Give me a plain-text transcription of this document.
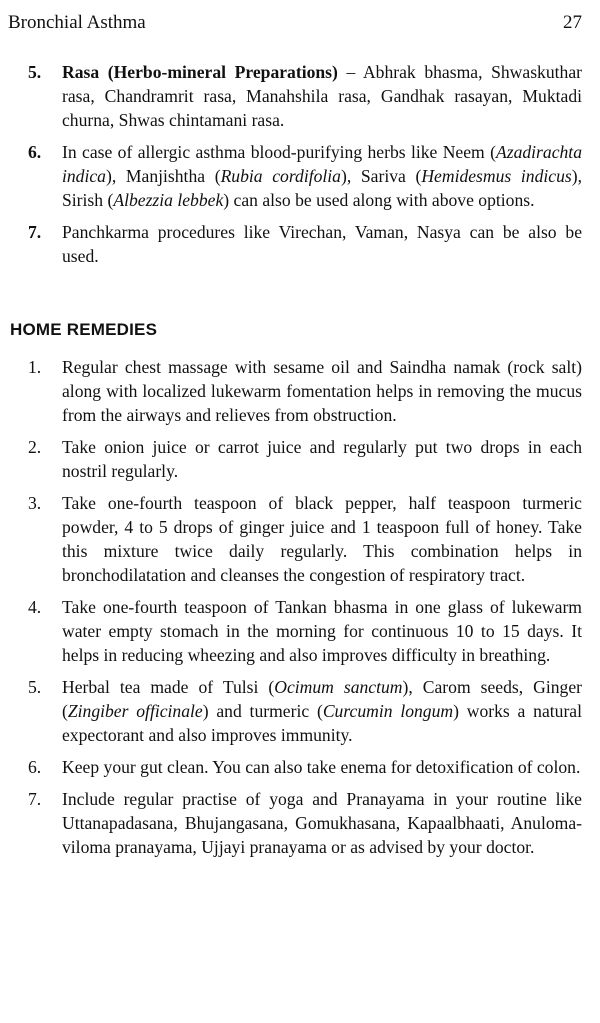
Bronchial Asthma	27
5.	Rasa (Herbo-mineral Preparations) – Abhrak bhasma, Shwaskuthar rasa, Chandramrit rasa, Manahshila rasa, Gandhak rasayan, Muktadi churna, Shwas chintamani rasa.
6.	In case of allergic asthma blood-purifying herbs like Neem (Azadirachta indica), Manjishtha (Rubia cordifolia), Sariva (Hemidesmus indicus), Sirish (Albezzia lebbek) can also be used along with above options.
7.	Panchkarma procedures like Virechan, Vaman, Nasya can be also be used.
HOME REMEDIES
1.	Regular chest massage with sesame oil and Saindha namak (rock salt) along with localized lukewarm fomentation helps in removing the mucus from the airways and relieves from obstruction.
2.	Take onion juice or carrot juice and regularly put two drops in each nostril regularly.
3.	Take one-fourth teaspoon of black pepper, half teaspoon turmeric powder, 4 to 5 drops of ginger juice and 1 teaspoon full of honey. Take this mixture twice daily regularly. This combination helps in bronchodilatation and cleanses the congestion of respiratory tract.
4.	Take one-fourth teaspoon of Tankan bhasma in one glass of lukewarm water empty stomach in the morning for continuous 10 to 15 days. It helps in reducing wheezing and also improves difficulty in breathing.
5.	Herbal tea made of Tulsi (Ocimum sanctum), Carom seeds, Ginger (Zingiber officinale) and turmeric (Curcumin longum) works a natural expectorant and also improves immunity.
6.	Keep your gut clean. You can also take enema for detoxification of colon.
7.	Include regular practise of yoga and Pranayama in your routine like Uttanapadasana, Bhujangasana, Gomukhasana, Kapaalbhaati, Anuloma-viloma pranayama, Ujjayi pranayama or as advised by your doctor.
